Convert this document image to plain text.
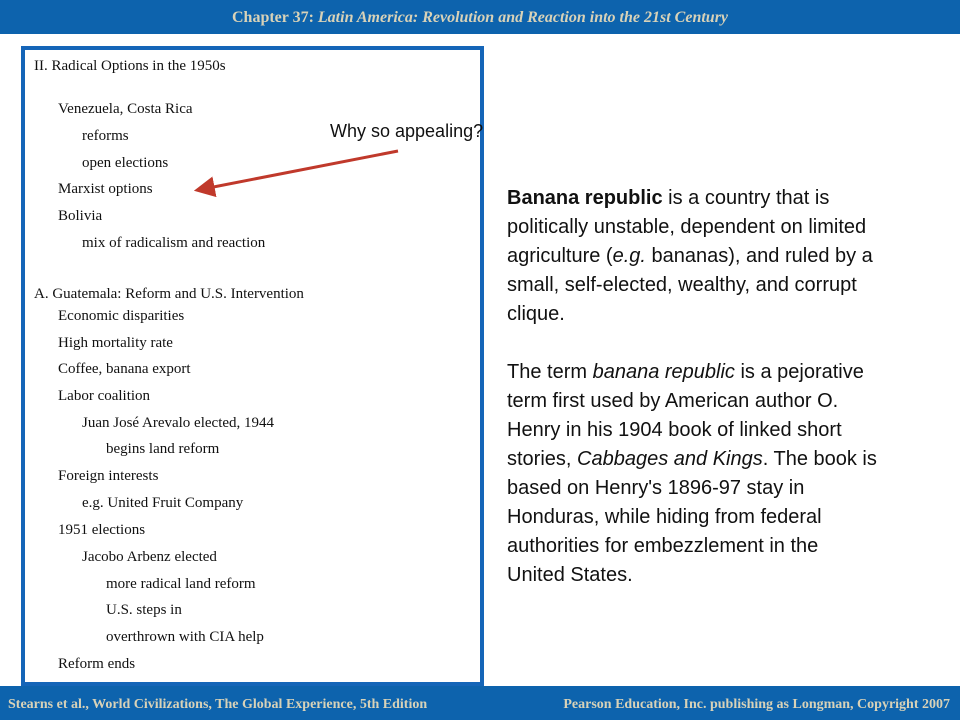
Chapter 37: Latin America: Revolution and Reaction into the 21st Century
II. Radical Options in the 1950s
Venezuela, Costa Rica
reforms
open elections
Marxist options
Bolivia
mix of radicalism and reaction
A. Guatemala: Reform and U.S. Intervention
Economic disparities
High mortality rate
Coffee, banana export
Labor coalition
Juan José Arevalo elected, 1944
begins land reform
Foreign interests
e.g. United Fruit Company
1951 elections
Jacobo Arbenz elected
more radical land reform
U.S. steps in
overthrown with CIA help
Reform ends
Why so appealing?

Banana republic is a country that is politically unstable, dependent on limited agriculture (e.g. bananas), and ruled by a small, self-elected, wealthy, and corrupt clique.

The term banana republic is a pejorative term first used by American author O. Henry in his 1904 book of linked short stories, Cabbages and Kings. The book is based on Henry's 1896-97 stay in Honduras, while hiding from federal authorities for embezzlement in the United States.

Stearns et al., World Civilizations, The Global Experience, 5th Edition	Pearson Education, Inc. publishing as Longman, Copyright 2007
